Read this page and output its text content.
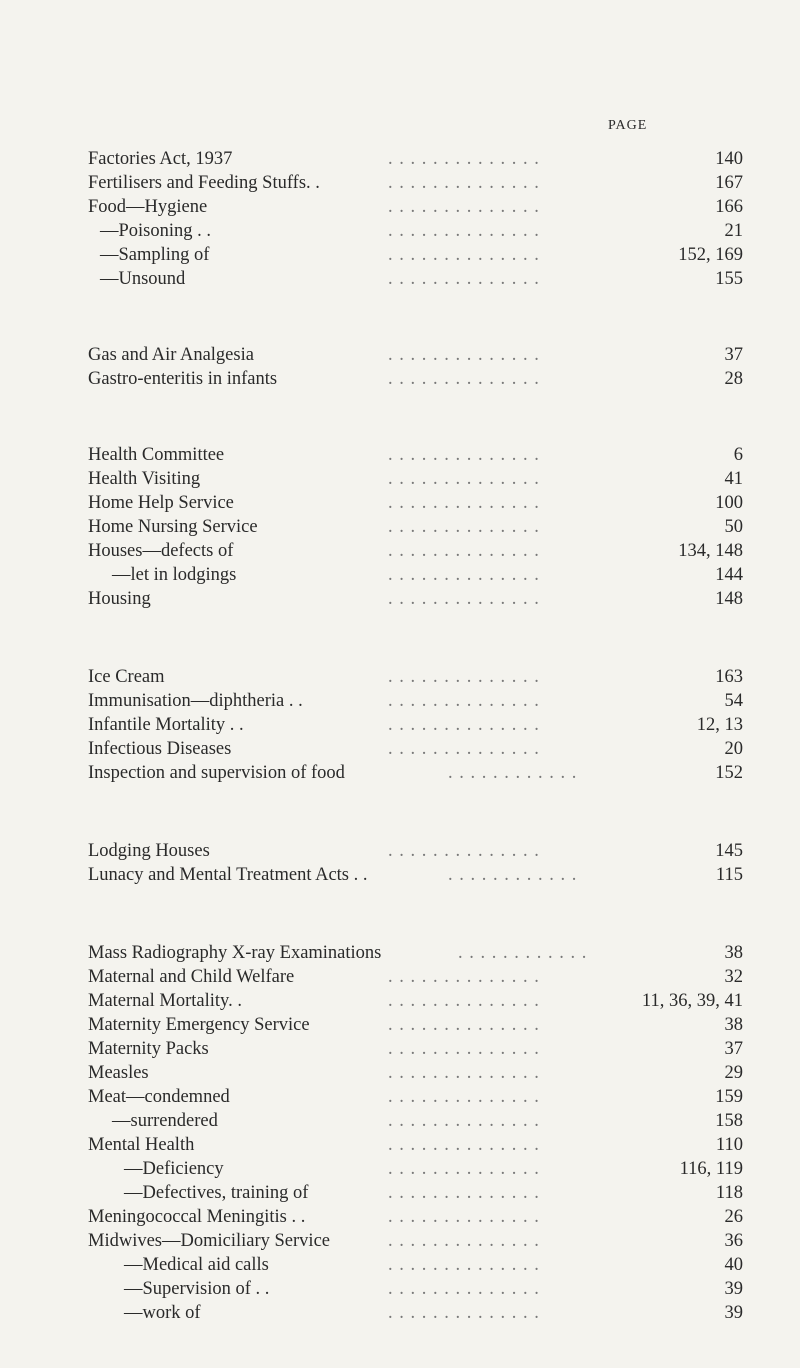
PAGE
Factories Act, 1937	. . . . . . . . . . . . . .	140
Fertilisers and Feeding Stuffs. .	. . . . . . . . . . . . . .	167
Food—Hygiene	. . . . . . . . . . . . . .	166
—Poisoning . .	. . . . . . . . . . . . . .	21
—Sampling of	. . . . . . . . . . . . . .	152, 169
—Unsound	. . . . . . . . . . . . . .	155
Gas and Air Analgesia	. . . . . . . . . . . . . .	37
Gastro-enteritis in infants	. . . . . . . . . . . . . .	28
Health Committee	. . . . . . . . . . . . . .	6
Health Visiting	. . . . . . . . . . . . . .	41
Home Help Service	. . . . . . . . . . . . . .	100
Home Nursing Service	. . . . . . . . . . . . . .	50
Houses—defects of	. . . . . . . . . . . . . .	134, 148
—let in lodgings	. . . . . . . . . . . . . .	144
Housing	. . . . . . . . . . . . . .	148
Ice Cream	. . . . . . . . . . . . . .	163
Immunisation—diphtheria . .	. . . . . . . . . . . . . .	54
Infantile Mortality . .	. . . . . . . . . . . . . .	12, 13
Infectious Diseases	. . . . . . . . . . . . . .	20
Inspection and supervision of food	. . . . . . . . . . . .	152
Lodging Houses	. . . . . . . . . . . . . .	145
Lunacy and Mental Treatment Acts . .	. . . . . . . . . . . .	115
Mass Radiography X-ray Examinations	. . . . . . . . . . . .	38
Maternal and Child Welfare	. . . . . . . . . . . . . .	32
Maternal Mortality. .	. . . . . . . . . . . . . .	11, 36, 39, 41
Maternity Emergency Service	. . . . . . . . . . . . . .	38
Maternity Packs	. . . . . . . . . . . . . .	37
Measles	. . . . . . . . . . . . . .	29
Meat—condemned	. . . . . . . . . . . . . .	159
—surrendered	. . . . . . . . . . . . . .	158
Mental Health	. . . . . . . . . . . . . .	110
—Deficiency	. . . . . . . . . . . . . .	116, 119
—Defectives, training of	. . . . . . . . . . . . . .	118
Meningococcal Meningitis . .	. . . . . . . . . . . . . .	26
Midwives—Domiciliary Service	. . . . . . . . . . . . . .	36
—Medical aid calls	. . . . . . . . . . . . . .	40
—Supervision of . .	. . . . . . . . . . . . . .	39
—work of	. . . . . . . . . . . . . .	39
